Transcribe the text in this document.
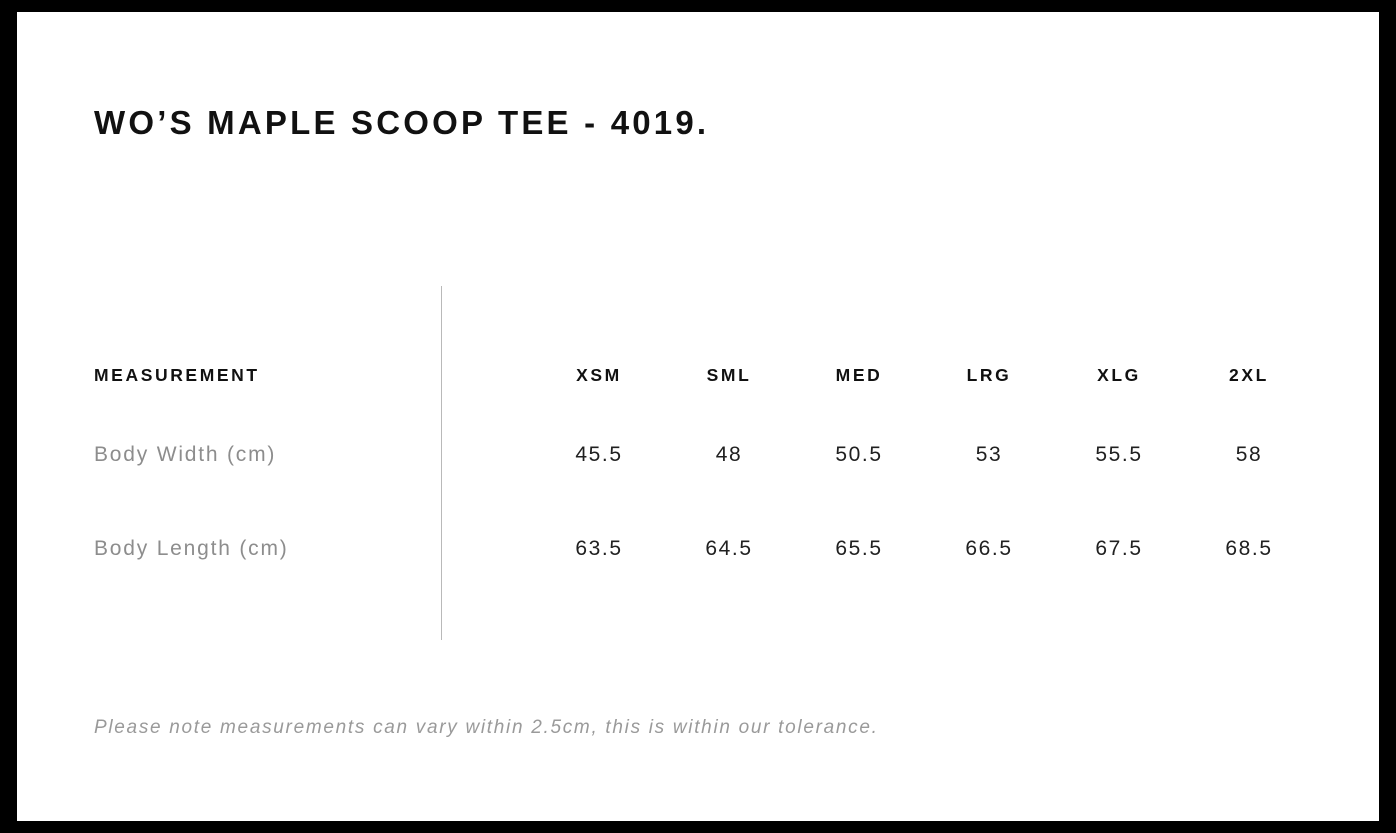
WO’S MAPLE SCOOP TEE - 4019.
MEASUREMENT	XSM	SML	MED	LRG	XLG	2XL
Body Width (cm)	45.5	48	50.5	53	55.5	58
Body Length (cm)	63.5	64.5	65.5	66.5	67.5	68.5
Please note measurements can vary within 2.5cm, this is within our tolerance.
